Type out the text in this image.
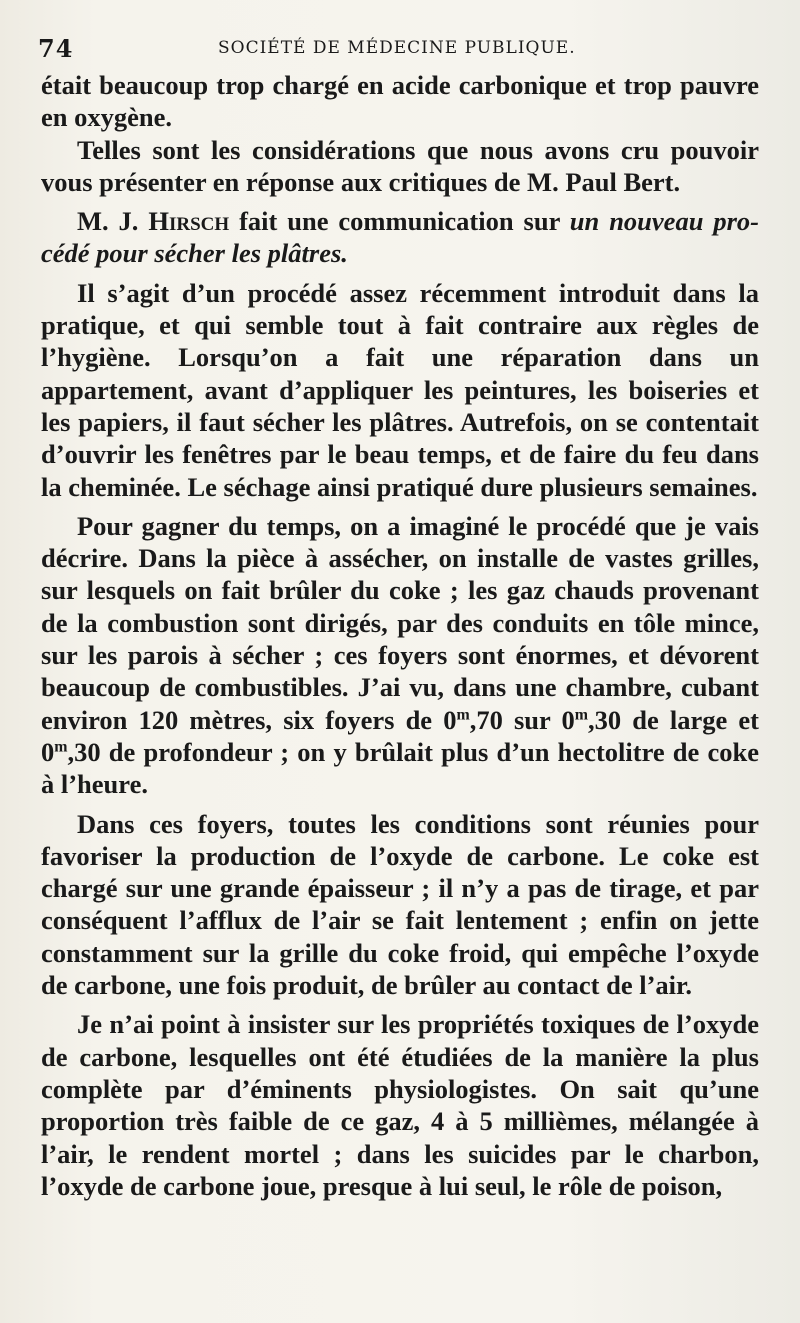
74	SOCIÉTÉ DE MÉDECINE PUBLIQUE.

était beaucoup trop chargé en acide carbonique et trop pauvre en oxygène.

Telles sont les considérations que nous avons cru pouvoir vous présenter en réponse aux critiques de M. Paul Bert.

M. J. Hirsch fait une communication sur un nouveau pro- cédé pour sécher les plâtres.

Il s’agit d’un procédé assez récemment introduit dans la pratique, et qui semble tout à fait contraire aux règles de l’hygiène. Lorsqu’on a fait une réparation dans un appartement, avant d’appliquer les peintures, les boiseries et les papiers, il faut sécher les plâtres. Autrefois, on se contentait d’ouvrir les fenêtres par le beau temps, et de faire du feu dans la cheminée. Le séchage ainsi pratiqué dure plusieurs semaines.

Pour gagner du temps, on a imaginé le procédé que je vais décrire. Dans la pièce à assécher, on installe de vastes grilles, sur lesquels on fait brûler du coke ; les gaz chauds provenant de la combustion sont dirigés, par des conduits en tôle mince, sur les parois à sécher ; ces foyers sont énormes, et dévorent beaucoup de combustibles. J’ai vu, dans une chambre, cubant environ 120 mètres, six foyers de 0$^m$,70 sur 0$^m$,30 de large et 0$^m$,30 de profondeur ; on y brûlait plus d’un hectolitre de coke à l’heure.

Dans ces foyers, toutes les conditions sont réunies pour favoriser la production de l’oxyde de carbone. Le coke est chargé sur une grande épaisseur ; il n’y a pas de tirage, et par conséquent l’afflux de l’air se fait lentement ; enfin on jette constamment sur la grille du coke froid, qui empêche l’oxyde de carbone, une fois produit, de brûler au contact de l’air.

Je n’ai point à insister sur les propriétés toxiques de l’oxyde de carbone, lesquelles ont été étudiées de la manière la plus complète par d’éminents physiologistes. On sait qu’une proportion très faible de ce gaz, 4 à 5 millièmes, mélangée à l’air, le rendent mortel ; dans les suicides par le charbon, l’oxyde de carbone joue, presque à lui seul, le rôle de poison,
